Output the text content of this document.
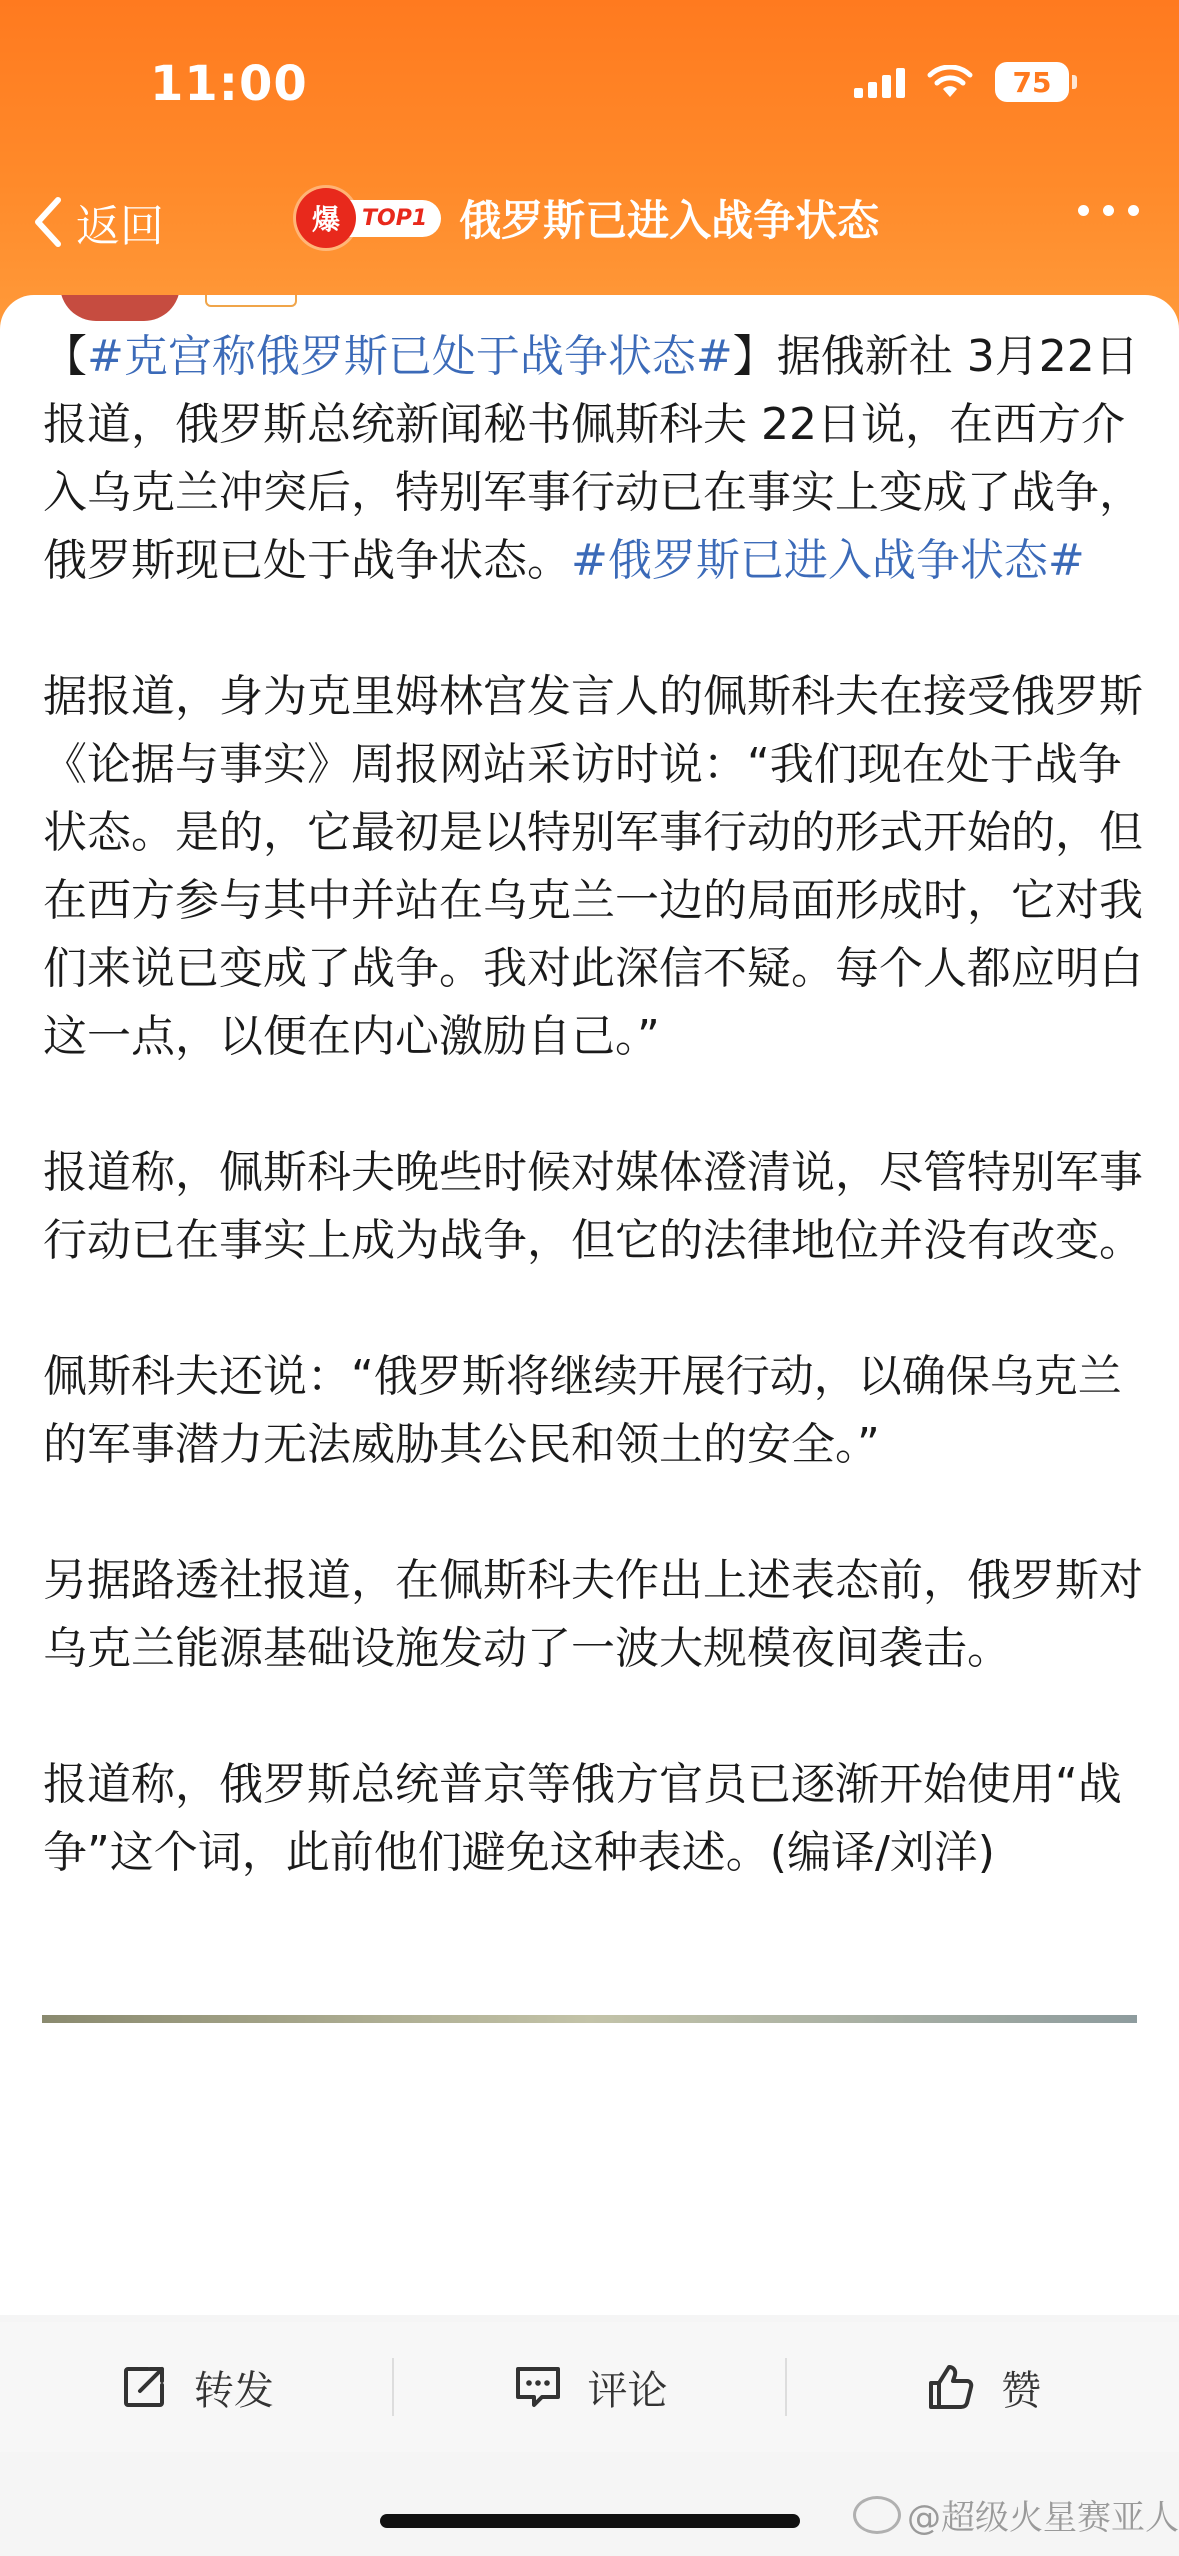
11:00	75
返回	爆	TOP1 俄罗斯已进入战争状态

【#克宫称俄罗斯已处于战争状态#】据俄新社 3月22日报道，俄罗斯总统新闻秘书佩斯科夫 22日说，在西方介入乌克兰冲突后，特别军事行动已在事实上变成了战争，俄罗斯现已处于战争状态。#俄罗斯已进入战争状态#

据报道，身为克里姆林宫发言人的佩斯科夫在接受俄罗斯《论据与事实》周报网站采访时说：“我们现在处于战争状态。是的，它最初是以特别军事行动的形式开始的，但在西方参与其中并站在乌克兰一边的局面形成时，它对我们来说已变成了战争。我对此深信不疑。每个人都应明白这一点，以便在内心激励自己。”

报道称，佩斯科夫晚些时候对媒体澄清说，尽管特别军事行动已在事实上成为战争，但它的法律地位并没有改变。

佩斯科夫还说：“俄罗斯将继续开展行动，以确保乌克兰的军事潜力无法威胁其公民和领土的安全。”

另据路透社报道，在佩斯科夫作出上述表态前，俄罗斯对乌克兰能源基础设施发动了一波大规模夜间袭击。

报道称，俄罗斯总统普京等俄方官员已逐渐开始使用“战争”这个词，此前他们避免这种表述。(编译/刘洋)

转发	评论	赞
@超级火星赛亚人
